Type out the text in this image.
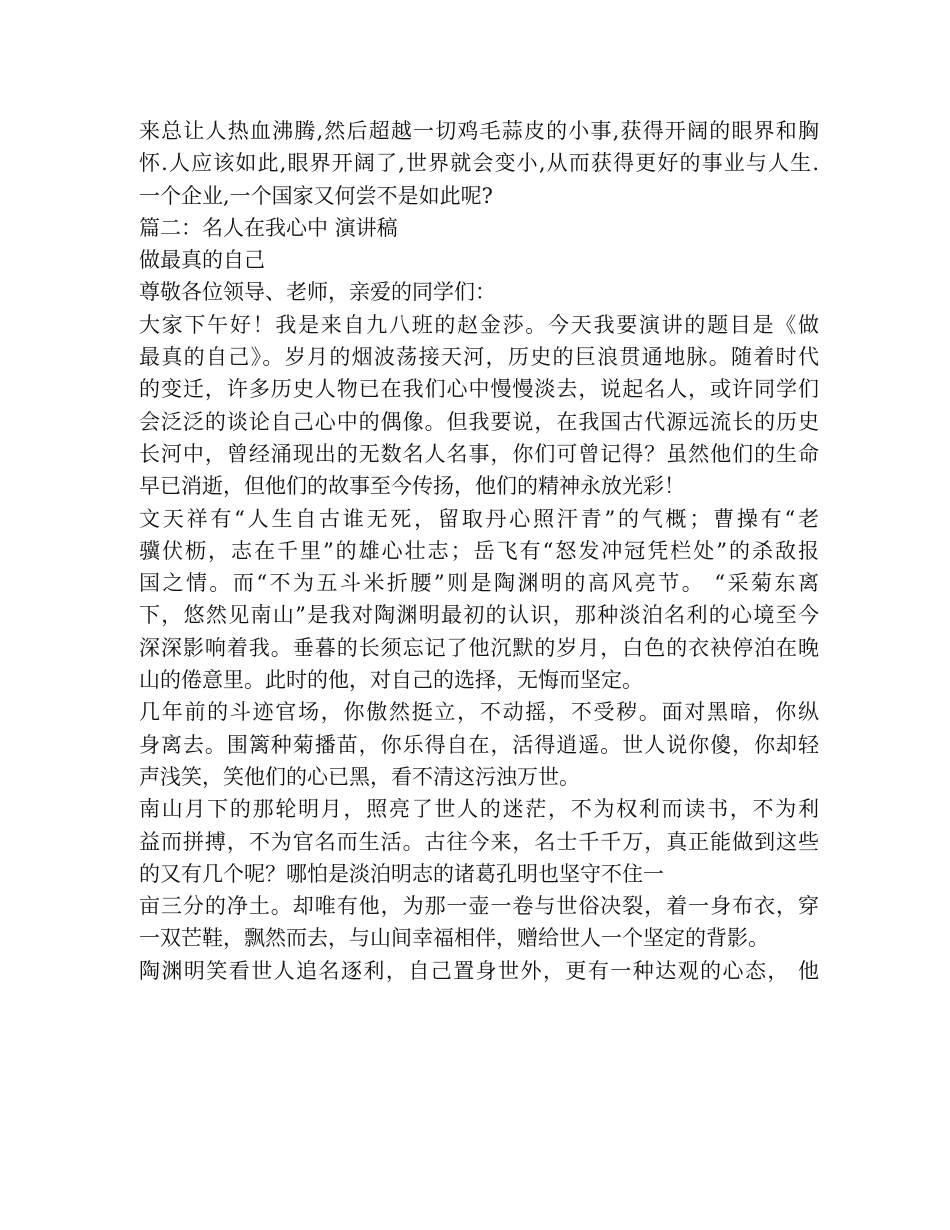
来总让人热血沸腾,然后超越一切鸡毛蒜皮的小事,获得开阔的眼界和胸
怀.人应该如此,眼界开阔了,世界就会变小,从而获得更好的事业与人生.
一个企业,一个国家又何尝不是如此呢?
篇二：名人在我心中 演讲稿
做最真的自己
尊敬各位领导、老师，亲爱的同学们：
大家下午好！我是来自九八班的赵金莎。今天我要演讲的题目是《做
最真的自己》。岁月的烟波荡接天河，历史的巨浪贯通地脉。随着时代
的变迁，许多历史人物已在我们心中慢慢淡去，说起名人，或许同学们
会泛泛的谈论自己心中的偶像。但我要说，在我国古代源远流长的历史
长河中，曾经涌现出的无数名人名事，你们可曾记得？虽然他们的生命
早已消逝，但他们的故事至今传扬，他们的精神永放光彩！
文天祥有“人生自古谁无死，留取丹心照汗青”的气概；曹操有“老
骥伏枥，志在千里”的雄心壮志；岳飞有“怒发冲冠凭栏处”的杀敌报
国之情。而“不为五斗米折腰”则是陶渊明的高风亮节。 “采菊东离
下，悠然见南山”是我对陶渊明最初的认识，那种淡泊名利的心境至今
深深影响着我。垂暮的长须忘记了他沉默的岁月，白色的衣袂停泊在晚
山的倦意里。此时的他，对自己的选择，无悔而坚定。
几年前的斗迹官场，你傲然挺立，不动摇，不受秽。面对黑暗，你纵
身离去。围篱种菊播苗，你乐得自在，活得逍遥。世人说你傻，你却轻
声浅笑，笑他们的心已黑，看不清这污浊万世。
南山月下的那轮明月，照亮了世人的迷茫，不为权利而读书，不为利
益而拼搏，不为官名而生活。古往今来，名士千千万，真正能做到这些
的又有几个呢？哪怕是淡泊明志的诸葛孔明也坚守不住一
亩三分的净土。却唯有他，为那一壶一卷与世俗决裂，着一身布衣，穿
一双芒鞋，飘然而去，与山间幸福相伴，赠给世人一个坚定的背影。
陶渊明笑看世人追名逐利，自己置身世外，更有一种达观的心态， 他
